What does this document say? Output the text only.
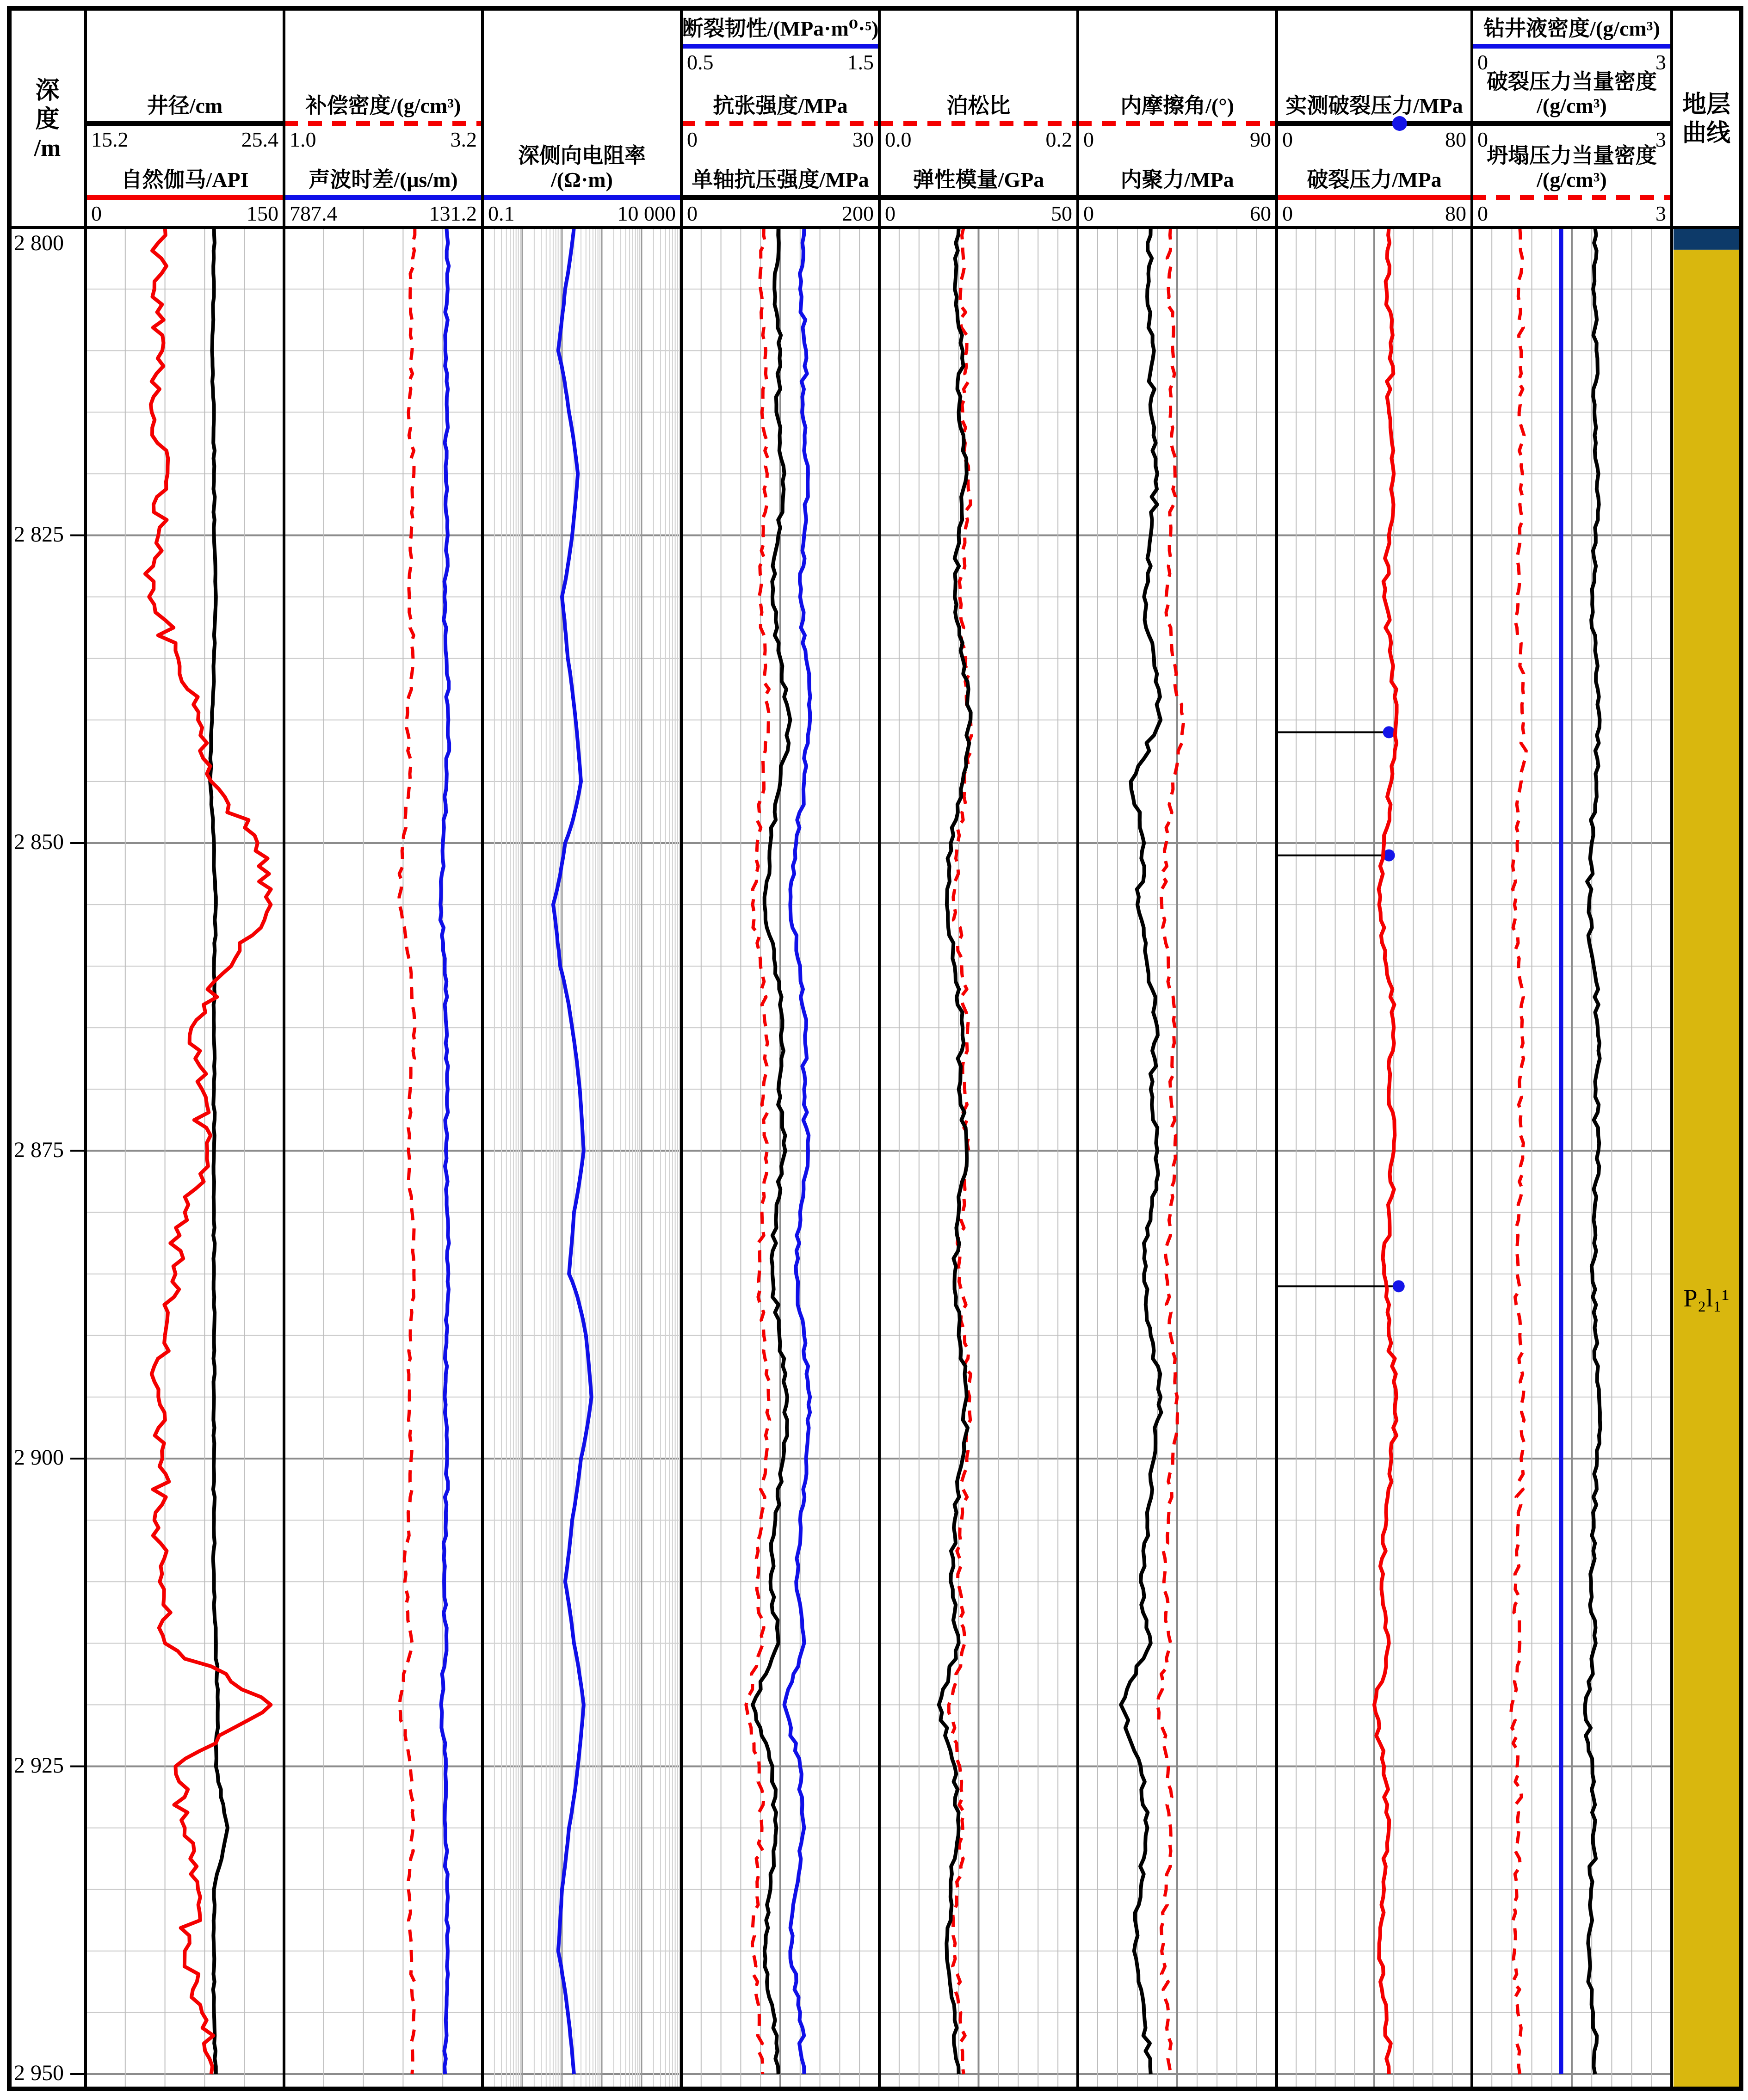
井径/cm
15.2	25.4
自然伽马/API
0	150
补偿密度/(g/cm³)
1.0	3.2
声波时差/(μs/m)
787.4	131.2
深侧向电阻率
/(Ω·m)
0.1	10 000
断裂韧性/(MPa·m⁰·⁵)
0.5	1.5
抗张强度/MPa
0	30
单轴抗压强度/MPa
0	200
泊松比
0.0	0.2
弹性模量/GPa
0	50
内摩擦角/(°)
0	90
内聚力/MPa
0	60
实测破裂压力/MPa
0	80
破裂压力/MPa
0	80
钻井液密度/(g/cm³)
0	3
破裂压力当量密度
/(g/cm³)
0	3
坍塌压力当量密度
/(g/cm³)
0	3
深
度
/m
地层
曲线
2 800
2 825
2 850
2 875
2 900
2 925
2 950
P₂l₁¹
